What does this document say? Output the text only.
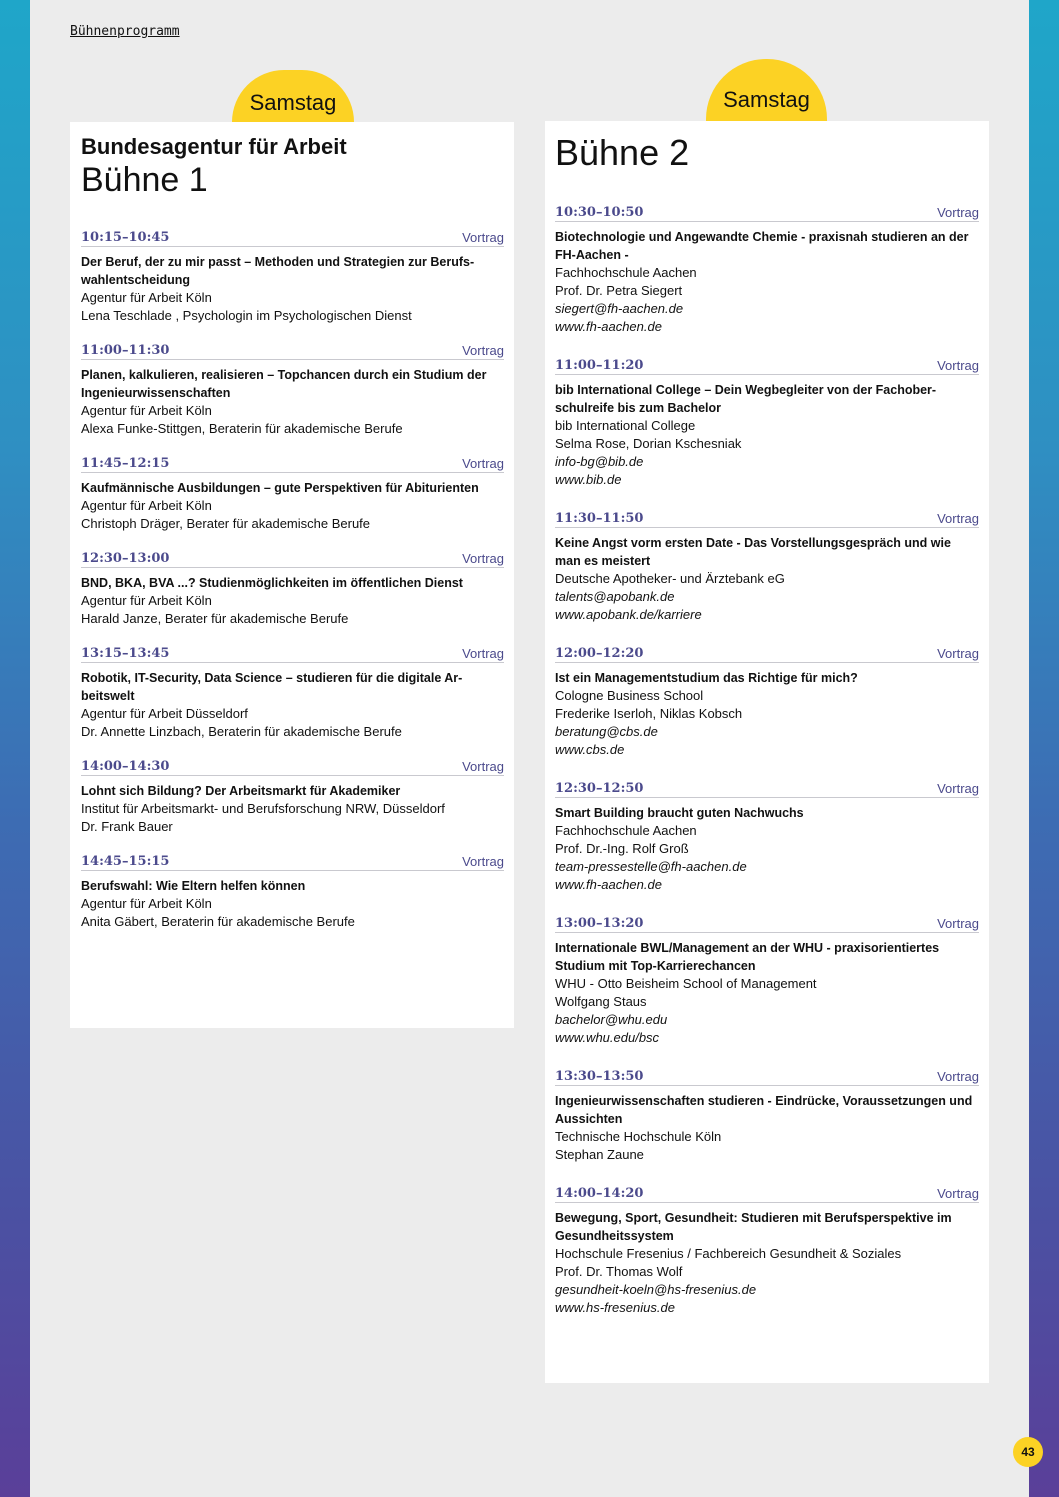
Bühnenprogramm
Samstag	Samstag
Bundesagentur für Arbeit
Bühne 1
10:15–10:45	Vortrag
Der Beruf, der zu mir passt – Methoden und Strategien zur Berufs-wahlentscheidung
Agentur für Arbeit Köln
Lena Teschlade , Psychologin im Psychologischen Dienst
11:00–11:30	Vortrag
Planen, kalkulieren, realisieren – Topchancen durch ein Studium der Ingenieurwissenschaften
Agentur für Arbeit Köln
Alexa Funke-Stittgen, Beraterin für akademische Berufe
11:45–12:15	Vortrag
Kaufmännische Ausbildungen – gute Perspektiven für Abiturienten
Agentur für Arbeit Köln
Christoph Dräger, Berater für akademische Berufe
12:30–13:00	Vortrag
BND, BKA, BVA ...? Studienmöglichkeiten im öffentlichen Dienst
Agentur für Arbeit Köln
Harald Janze, Berater für akademische Berufe
13:15–13:45	Vortrag
Robotik, IT-Security, Data Science – studieren für die digitale Ar-beitswelt
Agentur für Arbeit Düsseldorf
Dr. Annette Linzbach, Beraterin für akademische Berufe
14:00–14:30	Vortrag
Lohnt sich Bildung? Der Arbeitsmarkt für Akademiker
Institut für Arbeitsmarkt- und Berufsforschung NRW, Düsseldorf
Dr. Frank Bauer
14:45–15:15	Vortrag
Berufswahl: Wie Eltern helfen können
Agentur für Arbeit Köln
Anita Gäbert, Beraterin für akademische Berufe
Bühne 2
10:30–10:50	Vortrag
Biotechnologie und Angewandte Chemie - praxisnah studieren an der FH-Aachen -
Fachhochschule Aachen
Prof. Dr. Petra Siegert
siegert@fh-aachen.de
www.fh-aachen.de
11:00–11:20	Vortrag
bib International College – Dein Wegbegleiter von der Fachober-schulreife bis zum Bachelor
bib International College
Selma Rose, Dorian Kschesniak
info-bg@bib.de
www.bib.de
11:30–11:50	Vortrag
Keine Angst vorm ersten Date - Das Vorstellungsgespräch und wie man es meistert
Deutsche Apotheker- und Ärztebank eG
talents@apobank.de
www.apobank.de/karriere
12:00–12:20	Vortrag
Ist ein Managementstudium das Richtige für mich?
Cologne Business School
Frederike Iserloh, Niklas Kobsch
beratung@cbs.de
www.cbs.de
12:30–12:50	Vortrag
Smart Building braucht guten Nachwuchs
Fachhochschule Aachen
Prof. Dr.-Ing. Rolf Groß
team-pressestelle@fh-aachen.de
www.fh-aachen.de
13:00–13:20	Vortrag
Internationale BWL/Management an der WHU - praxisorientiertes Studium mit Top-Karrierechancen
WHU - Otto Beisheim School of Management
Wolfgang Staus
bachelor@whu.edu
www.whu.edu/bsc
13:30–13:50	Vortrag
Ingenieurwissenschaften studieren - Eindrücke, Voraussetzungen und Aussichten
Technische Hochschule Köln
Stephan Zaune
14:00–14:20	Vortrag
Bewegung, Sport, Gesundheit: Studieren mit Berufsperspektive im Gesundheitssystem
Hochschule Fresenius / Fachbereich Gesundheit & Soziales
Prof. Dr. Thomas Wolf
gesundheit-koeln@hs-fresenius.de
www.hs-fresenius.de
43
